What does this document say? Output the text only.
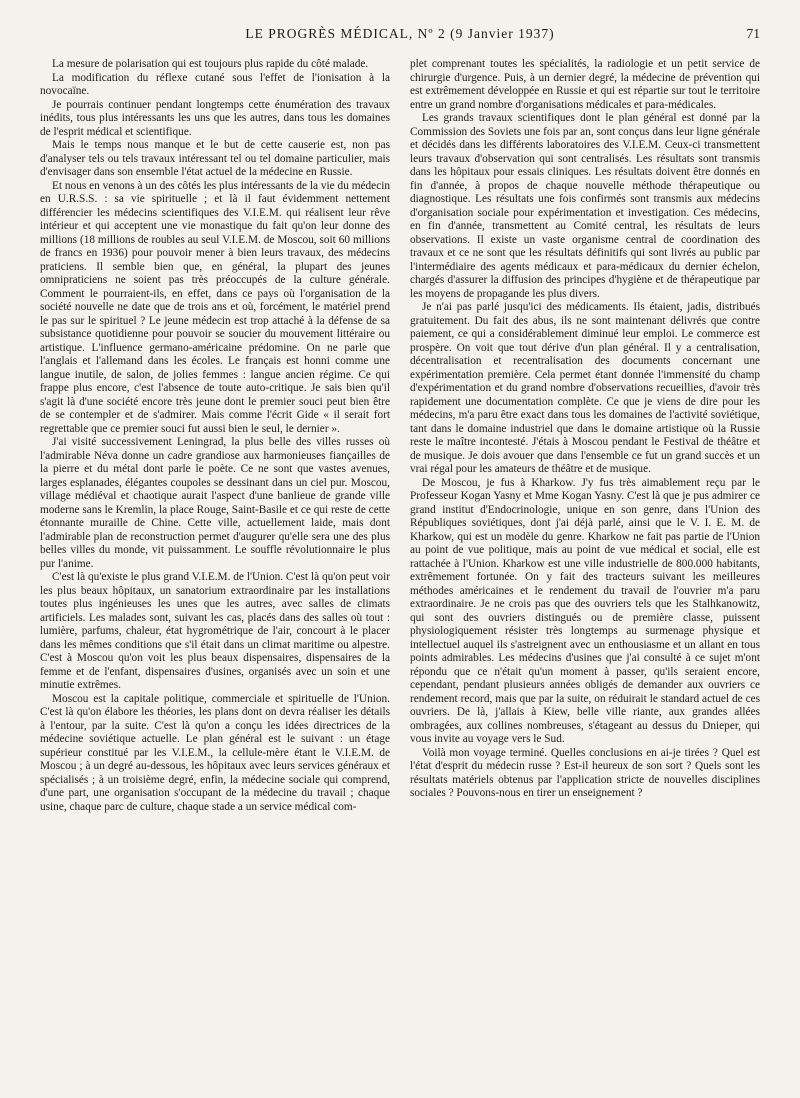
LE PROGRÈS MÉDICAL, Nº 2 (9 Janvier 1937)	71

La mesure de polarisation qui est toujours plus rapide du côté malade.

La modification du réflexe cutané sous l'effet de l'ionisation à la novocaïne.

Je pourrais continuer pendant longtemps cette énumération des travaux inédits, tous plus intéressants les uns que les autres, dans tous les domaines de l'esprit médical et scientifique.

Mais le temps nous manque et le but de cette causerie est, non pas d'analyser tels ou tels travaux intéressant tel ou tel domaine particulier, mais d'envisager dans son ensemble l'état actuel de la médecine en Russie.

Et nous en venons à un des côtés les plus intéressants de la vie du médecin en U.R.S.S. : sa vie spirituelle ; et là il faut évidemment nettement différencier les médecins scientifiques des V.I.E.M. qui réalisent leur rêve intérieur et qui acceptent une vie monastique du fait qu'on leur donne des millions (18 millions de roubles au seul V.I.E.M. de Moscou, soit 60 millions de francs en 1936) pour pouvoir mener à bien leurs travaux, des médecins praticiens. Il semble bien que, en général, la plupart des jeunes omnipraticiens ne soient pas très préoccupés de la culture générale. Comment le pourraient-ils, en effet, dans ce pays où l'organisation de la société nouvelle ne date que de trois ans et où, forcément, le matériel prend le pas sur le spirituel ? Le jeune médecin est trop attaché à la défense de sa subsistance quotidienne pour pouvoir se soucier du mouvement littéraire ou artistique. L'influence germano-américaine prédomine. On ne parle que l'anglais et l'allemand dans les écoles. Le français est honni comme une langue inutile, de salon, de jolies femmes : langue ancien régime. Ce qui frappe plus encore, c'est l'absence de toute auto-critique. Je sais bien qu'il s'agit là d'une société encore très jeune dont le premier souci peut bien être de se contempler et de s'admirer. Mais comme l'écrit Gide « il serait fort regrettable que ce premier souci fut aussi bien le seul, le dernier ».

J'ai visité successivement Leningrad, la plus belle des villes russes où l'admirable Néva donne un cadre grandiose aux harmonieuses fiançailles de la pierre et du métal dont parle le poète. Ce ne sont que vastes avenues, larges esplanades, élégantes coupoles se dessinant dans un ciel pur. Moscou, village médiéval et chaotique aurait l'aspect d'une banlieue de grande ville moderne sans le Kremlin, la place Rouge, Saint-Basile et ce qui reste de cette étonnante muraille de Chine. Cette ville, actuellement laide, mais dont l'admirable plan de reconstruction permet d'augurer qu'elle sera une des plus belles villes du monde, vit puissamment. Le souffle révolutionnaire le plus pur l'anime.

C'est là qu'existe le plus grand V.I.E.M. de l'Union. C'est là qu'on peut voir les plus beaux hôpitaux, un sanatorium extraordinaire par les installations toutes plus ingénieuses les unes que les autres, avec salles de climats artificiels. Les malades sont, suivant les cas, placés dans des salles où tout : lumière, parfums, chaleur, état hygrométrique de l'air, concourt à le placer dans les mêmes conditions que s'il était dans un climat maritime ou alpestre. C'est à Moscou qu'on voit les plus beaux dispensaires, dispensaires de la femme et de l'enfant, dispensaires d'usines, organisés avec un soin et une minutie extrêmes.

Moscou est la capitale politique, commerciale et spirituelle de l'Union. C'est là qu'on élabore les théories, les plans dont on devra réaliser les détails à l'entour, par la suite. C'est là qu'on a conçu les idées directrices de la médecine soviétique actuelle. Le plan général est le suivant : un étage supérieur constitué par les V.I.E.M., la cellule-mère étant le V.I.E.M. de Moscou ; à un degré au-dessous, les hôpitaux avec leurs services généraux et spécialisés ; à un troisième degré, enfin, la médecine sociale qui comprend, d'une part, une organisation s'occupant de la médecine du travail ; chaque usine, chaque parc de culture, chaque stade a un service médical com-

plet comprenant toutes les spécialités, la radiologie et un petit service de chirurgie d'urgence. Puis, à un dernier degré, la médecine de prévention qui est extrêmement développée en Russie et qui est répartie sur tout le territoire entre un grand nombre d'organisations médicales et para-médicales.

Les grands travaux scientifiques dont le plan général est donné par la Commission des Soviets une fois par an, sont conçus dans leur ligne générale et décidés dans les différents laboratoires des V.I.E.M. Ceux-ci transmettent leurs travaux d'observation qui sont centralisés. Les résultats sont transmis dans les hôpitaux pour essais cliniques. Les résultats doivent être donnés en fin d'année, à propos de chaque nouvelle méthode thérapeutique ou diagnostique. Les résultats une fois confirmés sont transmis aux médecins d'organisation sociale pour expérimentation et investigation. Ces médecins, en fin d'année, transmettent au Comité central, les résultats de leurs observations. Il existe un vaste organisme central de coordination des travaux et ce ne sont que les résultats définitifs qui sont livrés au public par l'intermédiaire des agents médicaux et para-médicaux du dernier échelon, chargés d'assurer la diffusion des principes d'hygiène et de thérapeutique par les moyens de propagande les plus divers.

Je n'ai pas parlé jusqu'ici des médicaments. Ils étaient, jadis, distribués gratuitement. Du fait des abus, ils ne sont maintenant délivrés que contre paiement, ce qui a considérablement diminué leur emploi. Le commerce est prospère. On voit que tout dérive d'un plan général. Il y a centralisation, décentralisation et recentralisation des documents concernant une expérimentation première. Cela permet étant donnée l'immensité du champ d'expérimentation et du grand nombre d'observations recueillies, d'avoir très rapidement une documentation complète. Ce que je viens de dire pour les médecins, m'a paru être exact dans tous les domaines de l'activité soviétique, tant dans le domaine industriel que dans le domaine artistique où la Russie reste le maître incontesté. J'étais à Moscou pendant le Festival de théâtre et de musique. Je dois avouer que dans l'ensemble ce fut un grand succès et un vrai régal pour les amateurs de théâtre et de musique.

De Moscou, je fus à Kharkow. J'y fus très aimablement reçu par le Professeur Kogan Yasny et Mme Kogan Yasny. C'est là que je pus admirer ce grand institut d'Endocrinologie, unique en son genre, dans l'Union des Républiques soviétiques, dont j'ai déjà parlé, ainsi que le V. I. E. M. de Kharkow, qui est un modèle du genre. Kharkow ne fait pas partie de l'Union au point de vue politique, mais au point de vue médical et social, elle est rattachée à l'Union. Kharkow est une ville industrielle de 800.000 habitants, extrêmement fortunée. On y fait des tracteurs suivant les meilleures méthodes américaines et le rendement du travail de l'ouvrier m'a paru extraordinaire. Je ne crois pas que des ouvriers tels que les Stalhkanowitz, qui sont des ouvriers distingués ou de première classe, puissent physiologiquement résister très longtemps au surmenage physique et intellectuel auquel ils s'astreignent avec un enthousiasme et un allant en tous points admirables. Les médecins d'usines que j'ai consulté à ce sujet m'ont répondu que ce n'était qu'un moment à passer, qu'ils seraient encore, cependant, pendant plusieurs années obligés de demander aux ouvriers ce rendement record, mais que par la suite, on réduirait le standard actuel de ces ouvriers. De là, j'allais à Kiew, belle ville riante, aux grandes allées ombragées, aux collines nombreuses, s'étageant au dessus du Dnieper, qui vous invite au voyage vers le Sud.

Voilà mon voyage terminé. Quelles conclusions en ai-je tirées ? Quel est l'état d'esprit du médecin russe ? Est-il heureux de son sort ? Quels sont les résultats matériels obtenus par l'application stricte de nouvelles disciplines sociales ? Pouvons-nous en tirer un enseignement ?
